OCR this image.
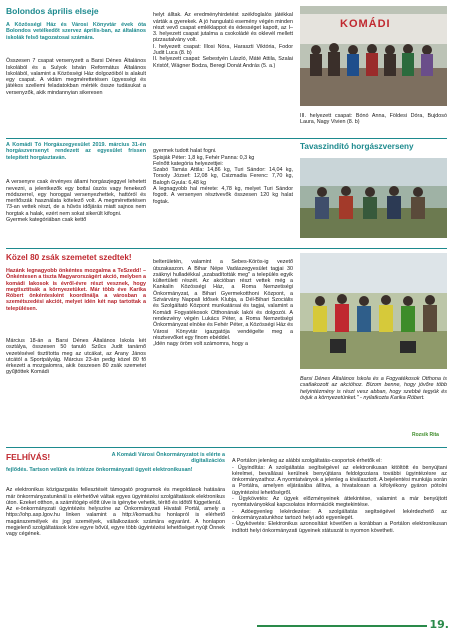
Bolondos április elseje

A Közösségi Ház és Városi Könyvtár évek óta Bolondos vetélkedőt szervez április-ban, az általános iskolák felső tagozatosai számára.

Összesen 7 csapat versenyzett a Barsi Dénes Általános Iskolából és a Sulyok István Református Általános Iskolából, valamint a Közösségi Ház dolgozóiból is alakult egy csapat. A vidám megmérettetésen ügyességi és játékos szellemi feladatokban mérték össze tudásukat a versenyzők, akik mindannyian sikeresen

helyt álltak. Az eredményhirdetést székfoglalós játékkal várták a gyerekek. A jó hangulatú esemény végén minden részt vevő csapat emléklappot és édességet kapott, az I–3. helyezett csapat jutalma a csokoládé és oklevél mellett pizzautalvány volt.
I. helyezett csapat: Illosi Nóra, Haraszti Viktória, Fodor Judit Luca (8. b)
II. helyezett csapat: Sebestyén László, Máté Attila, Szalai Kristóf, Wágner Bodza, Beregi Donát András (5. a.)

KOMÁDI

III. helyezett csapat: Bónó Anna, Földesi Dóra, Bujdosó Laura, Nagy Vivien (8. b)

A Komádi Tó Horgászegyesület 2019. március 31-én horgászversenyt rendezett az egyesület frissen telepített horgásztaván.

A versenyre csak érvényes állami horgászjeggyel lehetett nevezni, a jelentkezők egy bottal úszós vagy fenekező módszerrel, egy horoggal versenyezhettek, hattóról és merítőszák használata kötelező volt. A megmérettetésen 73-an vettek részt, de a hűvös időjárás miatt sajnos nem horgtak a halak, ezért nem sokat sikerült kifogni.
Gyermek kategóriában csak kettő

gyermek tudott halat fogni.
Spisják Péter: 1,8 kg, Fehér Panna: 0,3 kg
Felnőtt kategória helyezettjei:
Szabó Tamás Attila: 14,86 kg, Turi Sándor: 14,04 kg, Torsoly József: 12,08 kg, Csizmadia Ferenc: 7,70 kg, Balogh Gyula: 6,48 kg
A legnagyobb hal mérete: 4,78 kg, melyet Turi Sándor fogott. A versenyen résztvevők összesen 120 kg halat fogtak.

Tavaszindító horgászverseny
Közel 80 zsák szemetet szedtek!

Hazánk legnagyobb önkéntes mozgalma a TeSzedd! – Önkéntesen a tiszta Magyarországért akció, melyben a komádi lakosok is évről-évre részt vesznek, hogy megtisztítsák a környezetüket. Már több éve Karika Róbert önkéntesként koordinálja a városban a szemétszedési akciót, melyet idén két nap tartottak a településen.

Március 18-án a Barsi Dénes Általános Iskola két osztálya, összesen 50 tanuló Szűcs Judit tanárnő vezetésével tisztította meg az utcákat, az Arany János utcától a Sportpályáig. Március 23-án pedig közel 80 fő érkezett a mozgalomra, akik összesen 80 zsák szemetet gyűjtöttek Komádi

belterületén, valamint a Sebes-Körös-ig vezető útszakaszon. A Bihar Népe Vadászegyesület tagjai 30 zsáknyi hulladékkal „szabadították meg" a település egyik kültertületi részét. Az akcióban részt vettek még a Kankalin Közösségi Ház, a Roma Nemzetiségi Önkormányzat, a Bihari Gyermekotthoni Központ, a Szivárvány Nappali Idősek Klubja, a Dél-Bihari Szociális és Szolgáltató Központ munkatársai és tagjai, valamint a Komádi Fogyatékosok Otthonának lakói és dolgozói. A rendezvény végén Lukács Péter, a Roma Nemzetiségi Önkormányzat elnöke és Fehér Péter, a Közösségi Ház és Városi Könyvtár igazgatója vendégelte meg a résztvevőket egy finom ebéddel.
„Idén nagy öröm volt számomra, hogy a

Barsi Dénes Általános Iskola és a Fogyatékosok Otthona is csatlakozott az akcióhoz. Bízom benne, hogy jövőre több helyintézmény is részt vesz abban, hogy szebbé tegyük és óvjuk a környezetünket." - nyilatkozta Karika Róbert.

Rozsik Rita
FELHÍVÁS!	A Komádi Városi Önkormányzatot is elérte a digitalizációs
fejlődés. Tartson velünk és intézze önkormányzati ügyeit elektronikusan!

Az elektronikus közigazgatás fellesztését támogató programok és megoldások hatására már önkormányzatunknál is elérhetővé váltak egyes ügyintézési szolgáltatások elektronikus úton. Ezeket otthon, a számítógép előtt ülve is igénybe vehetik, térítő és időtől függetlenül.
Az e-önkormányzati ügyintézés helyszíne az Önkormányzati Hivatali Portál, amely a https://ohp.asp.lgov.hu linken valamint a http://komadi.hu honlapról is elérhető magánszemélyek és jogi személyek, vállalkozások számára egyaránt. A honlapon megjelenő szolgáltatások köre egyre bővül, egyre több ügyintézési lehetőséget nyújt Önnek vagy cégének.

A Portálon jelenleg az alábbi szolgáltatás-csoportok érhetők el:
- Ügyindítás: A szolgáltatás segítségével az elektronikusan kitöltött és benyújtani kérelmei, bevallásai kerülnek benyújtásra feldolgozásra további ügyintézésre az önkormányzathoz. A nyomtatványok a jelenleg a kiválasztott. A bejelentési munkája során a Portálra, amelyen eljárásába állítva, a hivatalosan a kifolyékony gyáron pótolni ügyintézési lehetőségről.
- Ügykövetés: Az ügyek előzményeinek áttekintése, valamint a már benyújtott nyomtatványokkal kapcsolatos információk megtekintése.
- Adóegyenleg lekérdezése: A szolgáltatás segítségével lekérdezhető az önkormányzatunkhoz tartozó helyi adó egyenlegét.
- Ügykövetés: Elektronikus azonosítást követően a korábban a Portálon elektronikusan indított helyi önkormányzati ügyeinek státuszát is nyomon követheti.

19.
